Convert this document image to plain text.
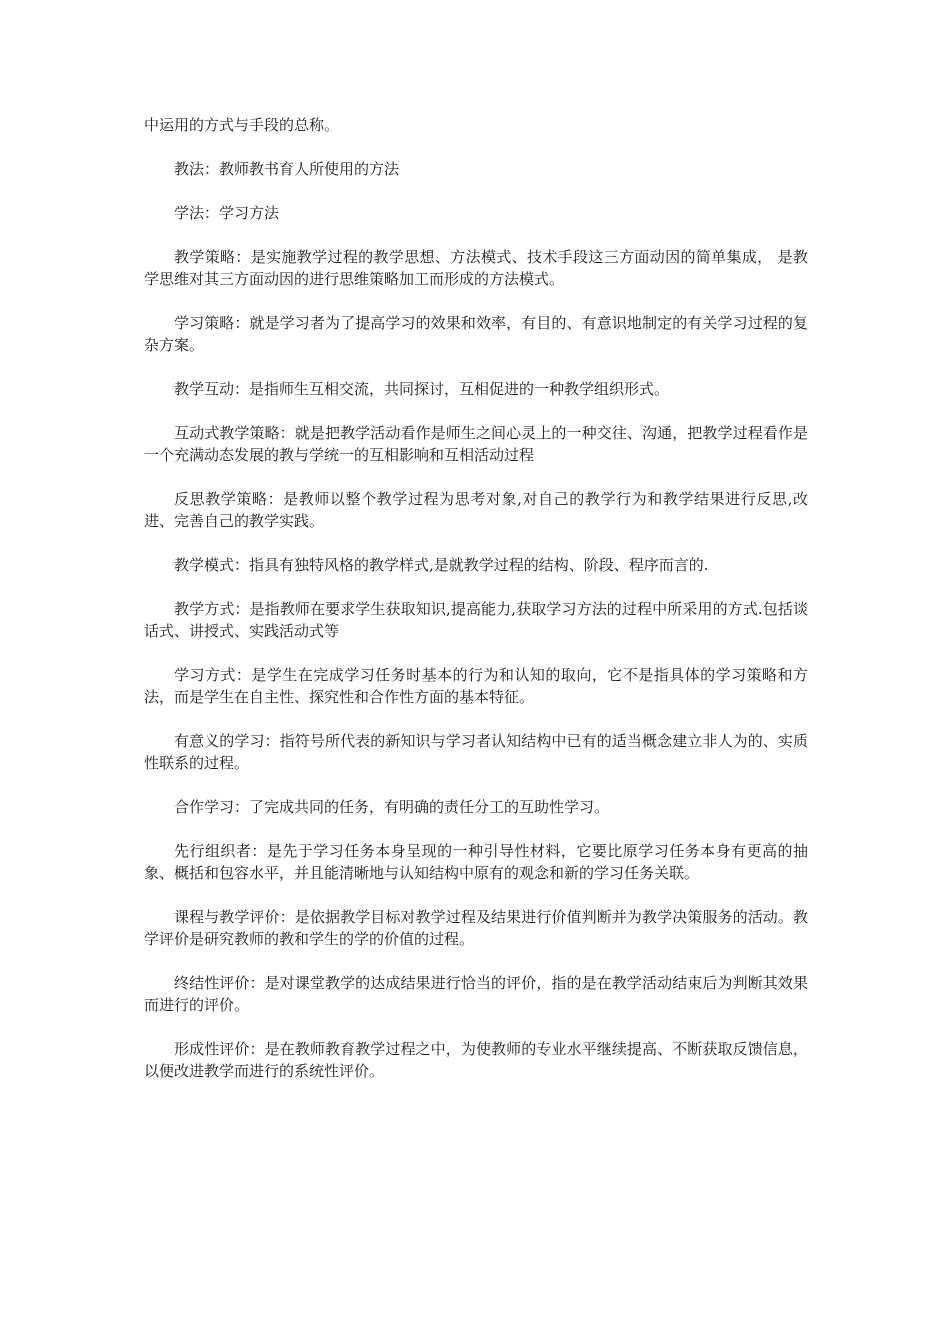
中运用的方式与手段的总称。

教法：教师教书育人所使用的方法

学法：学习方法

教学策略：是实施教学过程的教学思想、方法模式、技术手段这三方面动因的简单集成， 是教学思维对其三方面动因的进行思维策略加工而形成的方法模式。

学习策略：就是学习者为了提高学习的效果和效率，有目的、有意识地制定的有关学习过程的复杂方案。

教学互动：是指师生互相交流，共同探讨，互相促进的一种教学组织形式。

互动式教学策略：就是把教学活动看作是师生之间心灵上的一种交往、沟通，把教学过程看作是一个充满动态发展的教与学统一的互相影响和互相活动过程

反思教学策略：是教师以整个教学过程为思考对象,对自己的教学行为和教学结果进行反思,改进、完善自己的教学实践。

教学模式：指具有独特风格的教学样式,是就教学过程的结构、阶段、程序而言的.

教学方式：是指教师在要求学生获取知识,提高能力,获取学习方法的过程中所采用的方式.包括谈话式、讲授式、实践活动式等

学习方式：是学生在完成学习任务时基本的行为和认知的取向，它不是指具体的学习策略和方法，而是学生在自主性、探究性和合作性方面的基本特征。

有意义的学习：指符号所代表的新知识与学习者认知结构中已有的适当概念建立非人为的、实质性联系的过程。

合作学习：了完成共同的任务，有明确的责任分工的互助性学习。

先行组织者：是先于学习任务本身呈现的一种引导性材料，它要比原学习任务本身有更高的抽象、概括和包容水平，并且能清晰地与认知结构中原有的观念和新的学习任务关联。

课程与教学评价：是依据教学目标对教学过程及结果进行价值判断并为教学决策服务的活动。教学评价是研究教师的教和学生的学的价值的过程。

终结性评价：是对课堂教学的达成结果进行恰当的评价，指的是在教学活动结束后为判断其效果而进行的评价。

形成性评价：是在教师教育教学过程之中，为使教师的专业水平继续提高、不断获取反馈信息，以便改进教学而进行的系统性评价。
